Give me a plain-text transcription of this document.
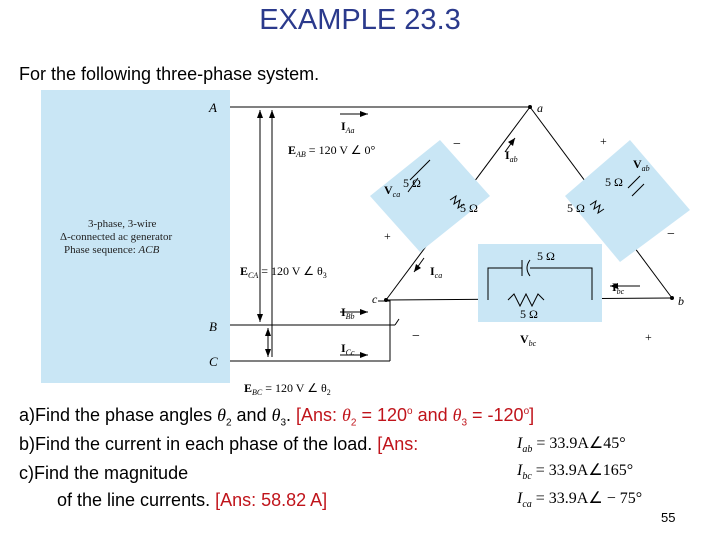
EXAMPLE 23.3
For the following three-phase system.
3-phase, 3-wire
Δ-connected ac generator
Phase sequence: ACB
A
B
C
$E_{AB} = 120$ V ∠ 0°
$E_{CA} = 120$ V ∠ $\theta_3$
$E_{BC} = 120$ V ∠ $\theta_2$
$I_{Aa}$
$I_{Bb}$
$I_{Cc}$
a
c	b
5 Ω
5 Ω
$V_{ca}$
−
+
$I_{ab}$
$I_{ca}$
5 Ω
5 Ω
$V_{ab}$
+
−
5 Ω
5 Ω
$I_{bc}$
−	+
$V_{bc}$
a)Find the phase angles $\theta_2$ and $\theta_3$. [Ans: $\theta_2 = 120^o$ and $\theta_3 = -120^o$]
b)Find the current in each phase of the load. [Ans:
c)Find the magnitude
of the line currents. [Ans: 58.82 A]
$I_{ab}$ = 33.9A∠45°
$I_{bc}$ = 33.9A∠165°
$I_{ca}$ = 33.9A∠ − 75°
55
